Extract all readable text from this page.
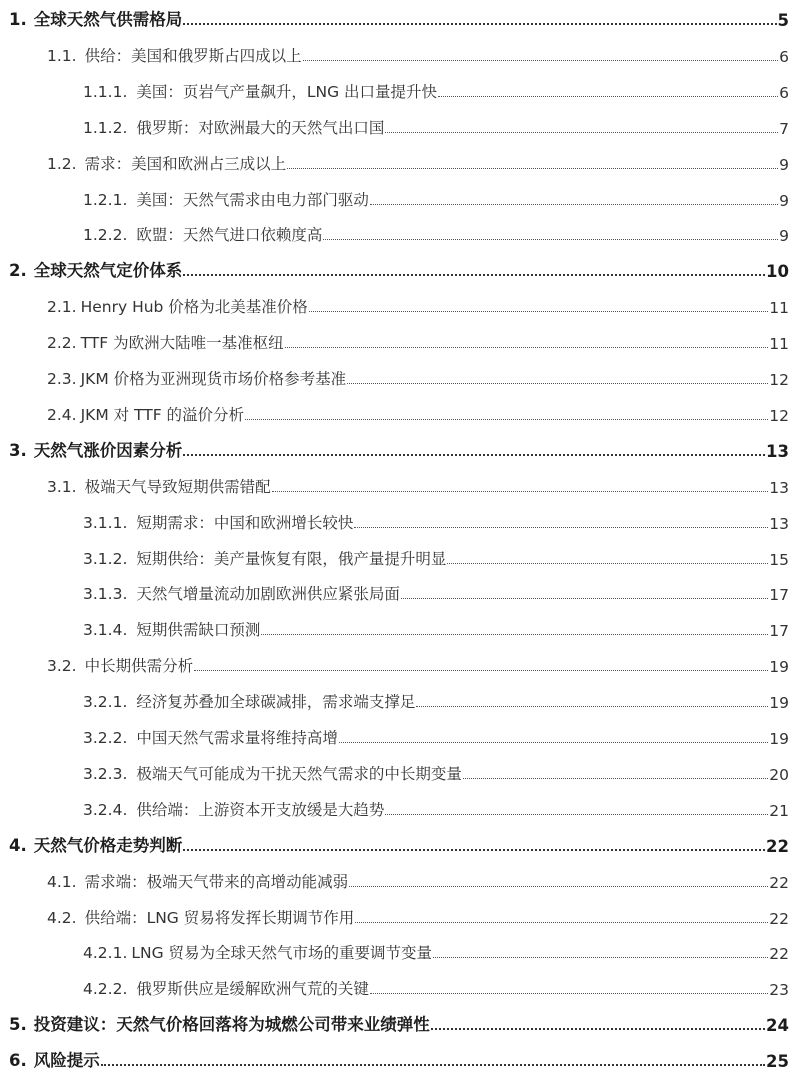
1. 全球天然气供需格局	5
1.1. 供给：美国和俄罗斯占四成以上	6
1.1.1. 美国：页岩气产量飙升，LNG 出口量提升快	6
1.1.2. 俄罗斯：对欧洲最大的天然气出口国	7
1.2. 需求：美国和欧洲占三成以上	9
1.2.1. 美国：天然气需求由电力部门驱动	9
1.2.2. 欧盟：天然气进口依赖度高	9
2. 全球天然气定价体系	10
2.1. Henry Hub 价格为北美基准价格	11
2.2. TTF 为欧洲大陆唯一基准枢纽	11
2.3. JKM 价格为亚洲现货市场价格参考基准	12
2.4. JKM 对 TTF 的溢价分析	12
3. 天然气涨价因素分析	13
3.1. 极端天气导致短期供需错配	13
3.1.1. 短期需求：中国和欧洲增长较快	13
3.1.2. 短期供给：美产量恢复有限，俄产量提升明显	15
3.1.3. 天然气增量流动加剧欧洲供应紧张局面	17
3.1.4. 短期供需缺口预测	17
3.2. 中长期供需分析	19
3.2.1. 经济复苏叠加全球碳减排，需求端支撑足	19
3.2.2. 中国天然气需求量将维持高增	19
3.2.3. 极端天气可能成为干扰天然气需求的中长期变量	20
3.2.4. 供给端：上游资本开支放缓是大趋势	21
4. 天然气价格走势判断	22
4.1. 需求端：极端天气带来的高增动能减弱	22
4.2. 供给端：LNG 贸易将发挥长期调节作用	22
4.2.1. LNG 贸易为全球天然气市场的重要调节变量	22
4.2.2. 俄罗斯供应是缓解欧洲气荒的关键	23
5. 投资建议：天然气价格回落将为城燃公司带来业绩弹性	24
6. 风险提示	25
